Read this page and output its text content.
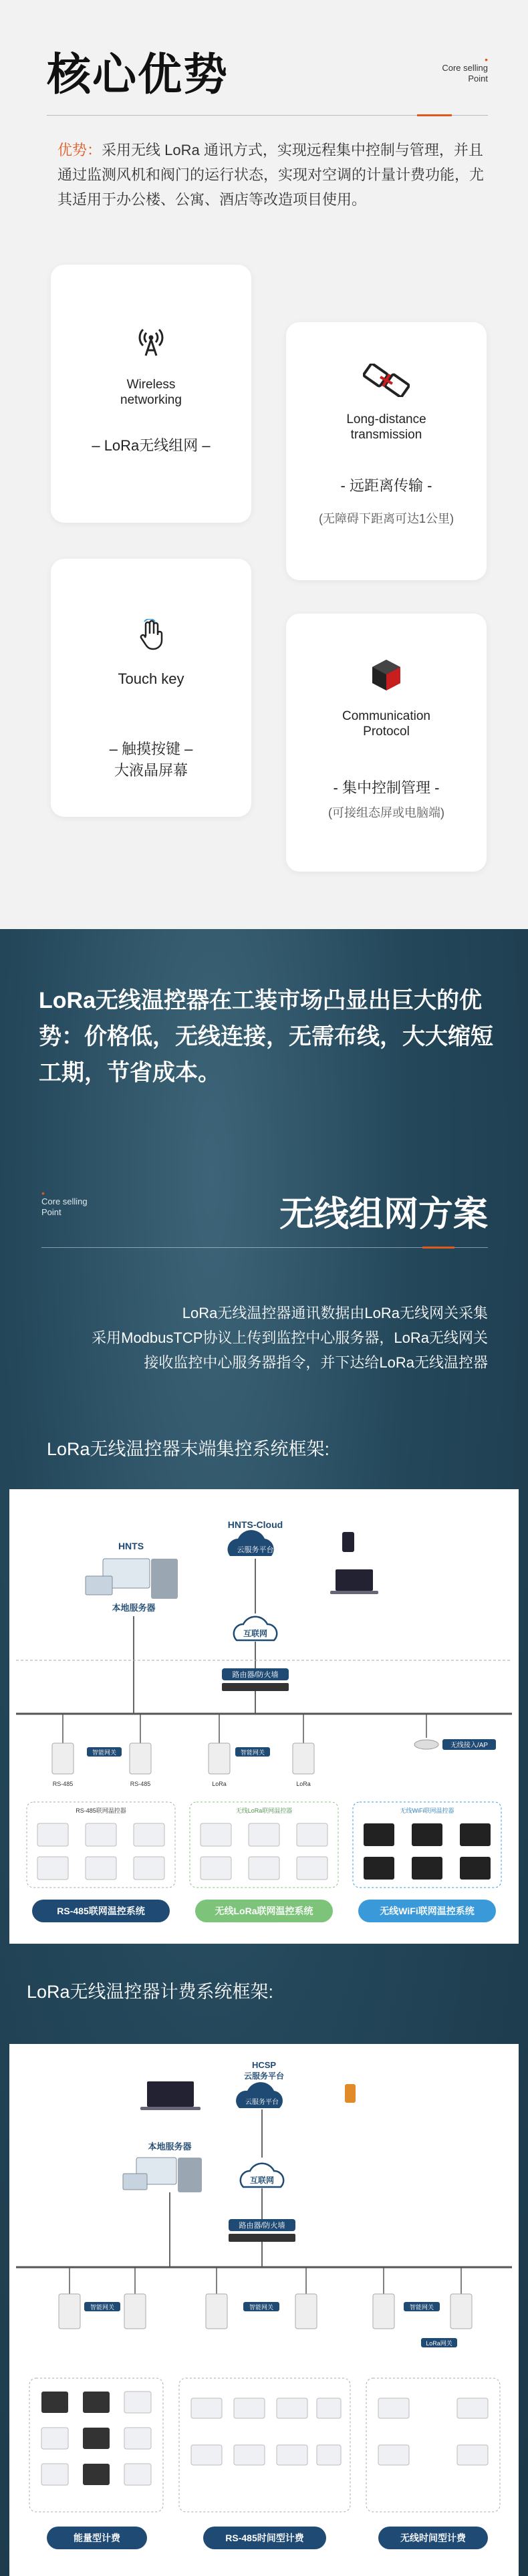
核心优势	•
Core selling
Point
优势：采用无线 LoRa 通讯方式，实现远程集中控制与管理，并且通过监测风机和阀门的运行状态，实现对空调的计量计费功能，尤其适用于办公楼、公寓、酒店等改造项目使用。
Wireless
networking
– LoRa无线组网 –
Long-distance
transmission
- 远距离传输 -
(无障碍下距离可达1公里)
Touch key
– 触摸按键 –
大液晶屏幕
Communication
Protocol
- 集中控制管理 -
(可接组态屏或电脑端)
LoRa无线温控器在工装市场凸显出巨大的优势：价格低，无线连接，无需布线，大大缩短工期，节省成本。
•
Core selling
Point	无线组网方案
LoRa无线温控器通讯数据由LoRa无线网关采集
采用ModbusTCP协议上传到监控中心服务器，LoRa无线网关
接收监控中心服务器指令，并下达给LoRa无线温控器
LoRa无线温控器末端集控系统框架:
HNTS
本地服务器
HNTS-Cloud
云服务平台
互联网
路由器/防火墙
智能网关	智能网关
无线接入/AP
RS-485	RS-485	LoRa	LoRa
RS-485联网温控器	无线LoRa联网温控器	无线WiFi联网温控器
RS-485联网温控系统	无线LoRa联网温控系统	无线WiFi联网温控系统
LoRa无线温控器计费系统框架:
HCSP
云服务平台
云服务平台
本地服务器
互联网
路由器/防火墙
智能网关	智能网关	智能网关
LoRa网关
能量型计费	RS-485时间型计费	无线时间型计费
